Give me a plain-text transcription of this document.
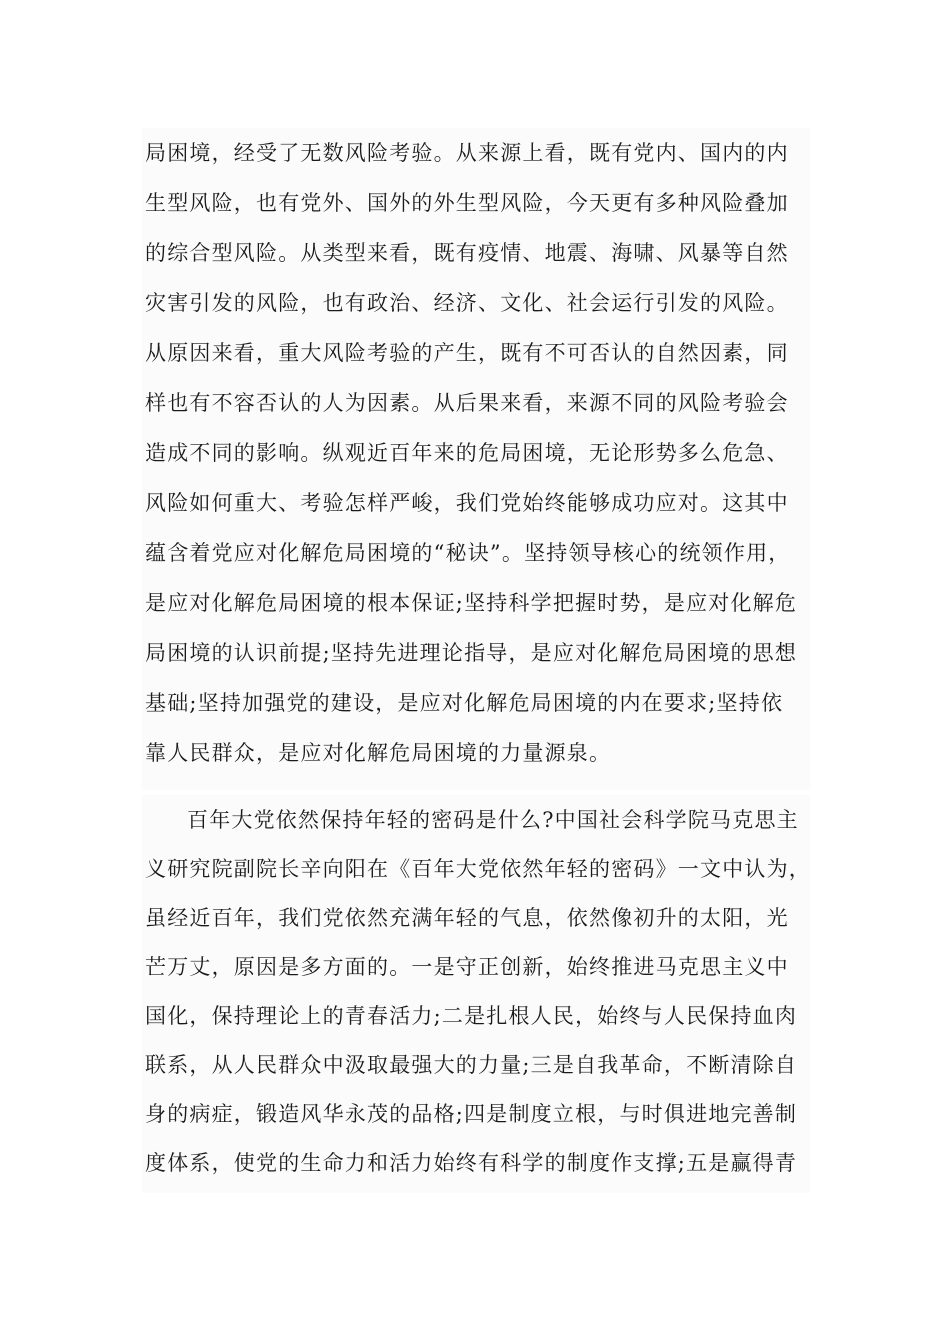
局困境，经受了无数风险考验。从来源上看，既有党内、国内的内
生型风险，也有党外、国外的外生型风险，今天更有多种风险叠加
的综合型风险。从类型来看，既有疫情、地震、海啸、风暴等自然
灾害引发的风险，也有政治、经济、文化、社会运行引发的风险。
从原因来看，重大风险考验的产生，既有不可否认的自然因素，同
样也有不容否认的人为因素。从后果来看，来源不同的风险考验会
造成不同的影响。纵观近百年来的危局困境，无论形势多么危急、
风险如何重大、考验怎样严峻，我们党始终能够成功应对。这其中
蕴含着党应对化解危局困境的“秘诀”。坚持领导核心的统领作用，
是应对化解危局困境的根本保证;坚持科学把握时势，是应对化解危
局困境的认识前提;坚持先进理论指导，是应对化解危局困境的思想
基础;坚持加强党的建设，是应对化解危局困境的内在要求;坚持依
靠人民群众，是应对化解危局困境的力量源泉。
百年大党依然保持年轻的密码是什么?中国社会科学院马克思主
义研究院副院长辛向阳在《百年大党依然年轻的密码》一文中认为，
虽经近百年，我们党依然充满年轻的气息，依然像初升的太阳，光
芒万丈，原因是多方面的。一是守正创新，始终推进马克思主义中
国化，保持理论上的青春活力;二是扎根人民，始终与人民保持血肉
联系，从人民群众中汲取最强大的力量;三是自我革命，不断清除自
身的病症，锻造风华永茂的品格;四是制度立根，与时俱进地完善制
度体系，使党的生命力和活力始终有科学的制度作支撑;五是赢得青
